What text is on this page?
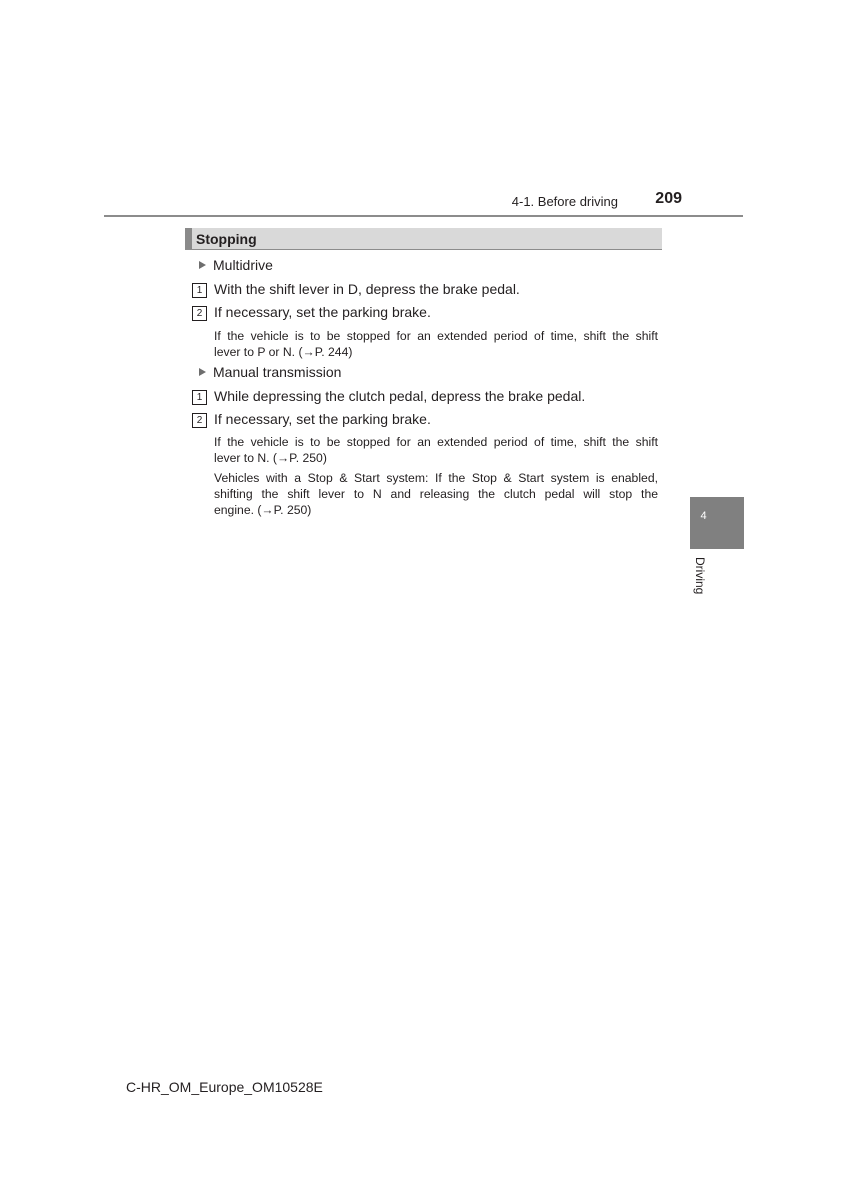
4-1. Before driving	209
Stopping
Multidrive
1 With the shift lever in D, depress the brake pedal.
2 If necessary, set the parking brake.
If the vehicle is to be stopped for an extended period of time, shift the shift
lever to P or N. (→P. 244)
Manual transmission
1 While depressing the clutch pedal, depress the brake pedal.
2 If necessary, set the parking brake.
If the vehicle is to be stopped for an extended period of time, shift the shift
lever to N. (→P. 250)
Vehicles with a Stop & Start system: If the Stop & Start system is enabled,
shifting the shift lever to N and releasing the clutch pedal will stop the
engine. (→P. 250)	4
Driving
C-HR_OM_Europe_OM10528E
